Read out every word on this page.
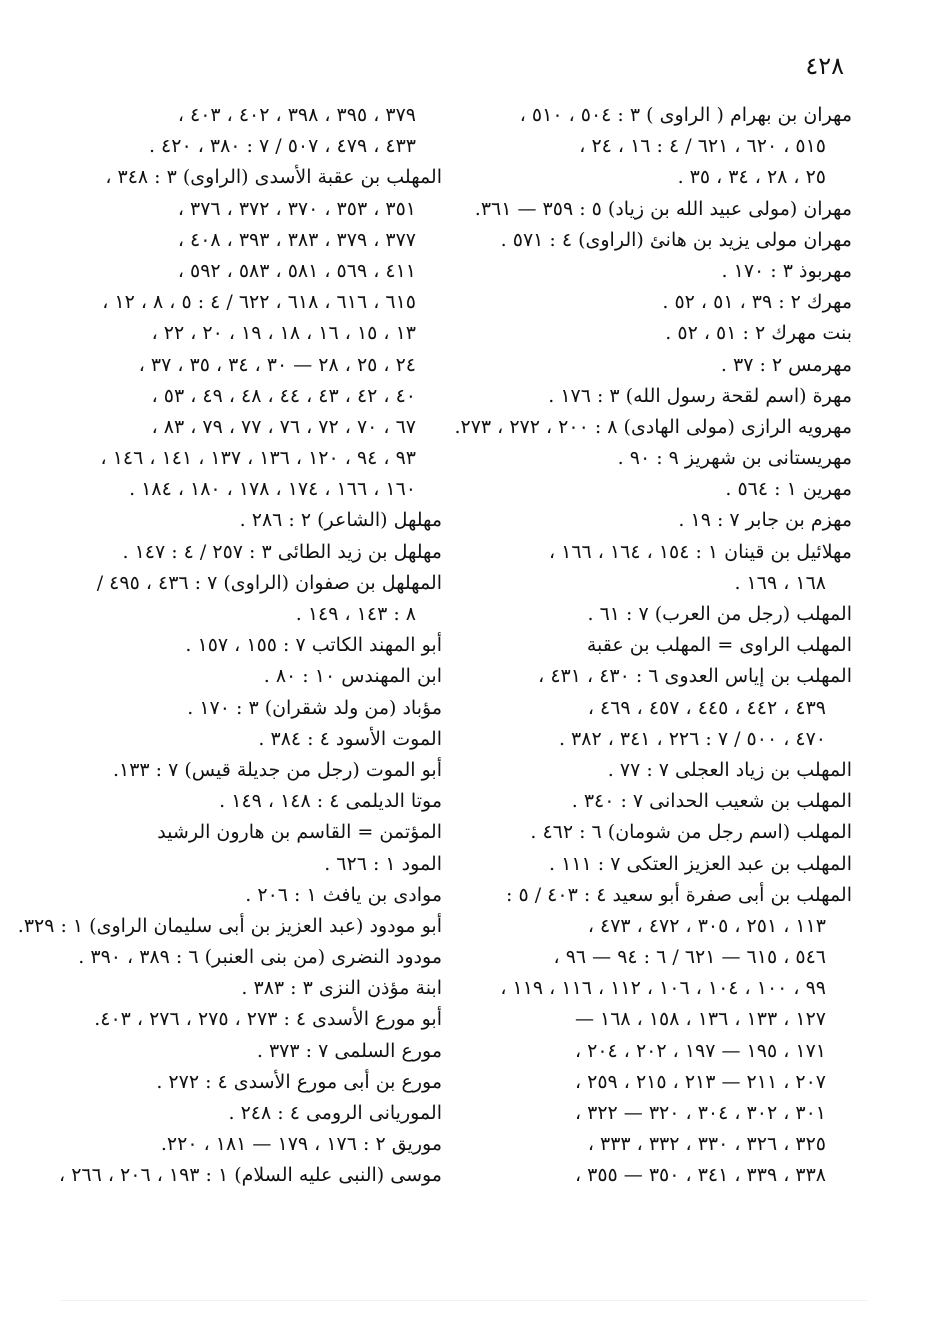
٤٢٨
مهران بن بهرام ( الراوى ) ٣ : ٥٠٤ ، ٥١٠ ،
٥١٥ ، ٦٢٠ ، ٦٢١ / ٤ : ١٦ ، ٢٤ ،
٢٥ ، ٢٨ ، ٣٤ ، ٣٥ .
مهران (مولى عبيد الله بن زياد) ٥ : ٣٥٩ — ٣٦١.
مهران مولى يزيد بن هانئ (الراوى) ٤ : ٥٧١ .
مهربوذ ٣ : ١٧٠ .
مهرك ٢ : ٣٩ ، ٥١ ، ٥٢ .
بنت مهرك ٢ : ٥١ ، ٥٢ .
مهرمس ٢ : ٣٧ .
مهرة (اسم لقحة رسول الله) ٣ : ١٧٦ .
مهرويه الرازى (مولى الهادى) ٨ : ٢٠٠ ، ٢٧٢ ، ٢٧٣.
مهريستانى بن شهريز ٩ : ٩٠ .
مهرين ١ : ٥٦٤ .
مهزم بن جابر ٧ : ١٩ .
مهلائيل بن قينان ١ : ١٥٤ ، ١٦٤ ، ١٦٦ ،
١٦٨ ، ١٦٩ .
المهلب (رجل من العرب) ٧ : ٦١ .
المهلب الراوى = المهلب بن عقبة
المهلب بن إياس العدوى ٦ : ٤٣٠ ، ٤٣١ ،
٤٣٩ ، ٤٤٢ ، ٤٤٥ ، ٤٥٧ ، ٤٦٩ ،
٤٧٠ ، ٥٠٠ / ٧ : ٢٢٦ ، ٣٤١ ، ٣٨٢ .
المهلب بن زياد العجلى ٧ : ٧٧ .
المهلب بن شعيب الحدانى ٧ : ٣٤٠ .
المهلب (اسم رجل من شومان) ٦ : ٤٦٢ .
المهلب بن عبد العزيز العتكى ٧ : ١١١ .
المهلب بن أبى صفرة أبو سعيد ٤ : ٤٠٣ / ٥ :
١١٣ ، ٢٥١ ، ٣٠٥ ، ٤٧٢ ، ٤٧٣ ،
٥٤٦ ، ٦١٥ — ٦٢١ / ٦ : ٩٤ — ٩٦ ،
٩٩ ، ١٠٠ ، ١٠٤ ، ١٠٦ ، ١١٢ ، ١١٦ ، ١١٩ ،
١٢٧ ، ١٣٣ ، ١٣٦ ، ١٥٨ ، ١٦٨ —
١٧١ ، ١٩٥ — ١٩٧ ، ٢٠٢ ، ٢٠٤ ،
٢٠٧ ، ٢١١ — ٢١٣ ، ٢١٥ ، ٢٥٩ ،
٣٠١ ، ٣٠٢ ، ٣٠٤ ، ٣٢٠ — ٣٢٢ ،
٣٢٥ ، ٣٢٦ ، ٣٣٠ ، ٣٣٢ ، ٣٣٣ ،
٣٣٨ ، ٣٣٩ ، ٣٤١ ، ٣٥٠ — ٣٥٥ ،
٣٧٩ ، ٣٩٥ ، ٣٩٨ ، ٤٠٢ ، ٤٠٣ ،
٤٣٣ ، ٤٧٩ ، ٥٠٧ / ٧ : ٣٨٠ ، ٤٢٠ .
المهلب بن عقبة الأسدى (الراوى) ٣ : ٣٤٨ ،
٣٥١ ، ٣٥٣ ، ٣٧٠ ، ٣٧٢ ، ٣٧٦ ،
٣٧٧ ، ٣٧٩ ، ٣٨٣ ، ٣٩٣ ، ٤٠٨ ،
٤١١ ، ٥٦٩ ، ٥٨١ ، ٥٨٣ ، ٥٩٢ ،
٦١٥ ، ٦١٦ ، ٦١٨ ، ٦٢٢ / ٤ : ٥ ، ٨ ، ١٢ ،
١٣ ، ١٥ ، ١٦ ، ١٨ ، ١٩ ، ٢٠ ، ٢٢ ،
٢٤ ، ٢٥ ، ٢٨ — ٣٠ ، ٣٤ ، ٣٥ ، ٣٧ ،
٤٠ ، ٤٢ ، ٤٣ ، ٤٤ ، ٤٨ ، ٤٩ ، ٥٣ ،
٦٧ ، ٧٠ ، ٧٢ ، ٧٦ ، ٧٧ ، ٧٩ ، ٨٣ ،
٩٣ ، ٩٤ ، ١٢٠ ، ١٣٦ ، ١٣٧ ، ١٤١ ، ١٤٦ ،
١٦٠ ، ١٦٦ ، ١٧٤ ، ١٧٨ ، ١٨٠ ، ١٨٤ .
مهلهل (الشاعر) ٢ : ٢٨٦ .
مهلهل بن زيد الطائى ٣ : ٢٥٧ / ٤ : ١٤٧ .
المهلهل بن صفوان (الراوى) ٧ : ٤٣٦ ، ٤٩٥ /
٨ : ١٤٣ ، ١٤٩ .
أبو المهند الكاتب ٧ : ١٥٥ ، ١٥٧ .
ابن المهندس ١٠ : ٨٠ .
مؤباد (من ولد شقران) ٣ : ١٧٠ .
الموت الأسود ٤ : ٣٨٤ .
أبو الموت (رجل من جديلة قيس) ٧ : ١٣٣.
موتا الديلمى ٤ : ١٤٨ ، ١٤٩ .
المؤتمن = القاسم بن هارون الرشيد
المود ١ : ٦٢٦ .
موادى بن يافث ١ : ٢٠٦ .
أبو مودود (عبد العزيز بن أبى سليمان الراوى) ١ : ٣٢٩.
مودود النضرى (من بنى العنبر) ٦ : ٣٨٩ ، ٣٩٠ .
ابنة مؤذن النزى ٣ : ٣٨٣ .
أبو مورع الأسدى ٤ : ٢٧٣ ، ٢٧٥ ، ٢٧٦ ، ٤٠٣.
مورع السلمى ٧ : ٣٧٣ .
مورع بن أبى مورع الأسدى ٤ : ٢٧٢ .
الموريانى الرومى ٤ : ٢٤٨ .
موريق ٢ : ١٧٦ ، ١٧٩ — ١٨١ ، ٢٢٠.
موسى (النبى عليه السلام) ١ : ١٩٣ ، ٢٠٦ ، ٢٦٦ ،
